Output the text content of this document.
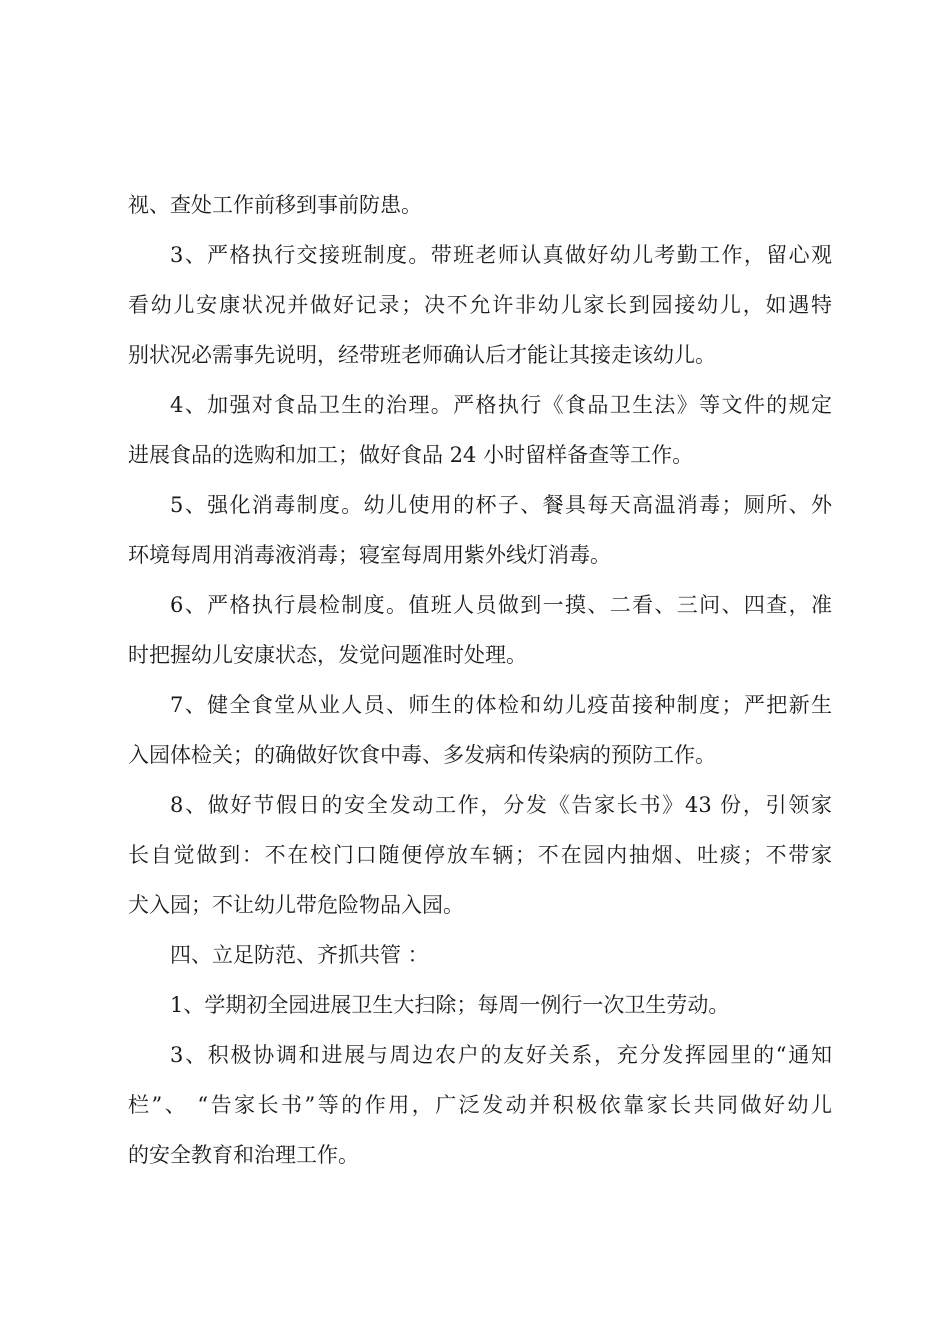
视、查处工作前移到事前防患。
3、严格执行交接班制度。带班老师认真做好幼儿考勤工作，留心观
看幼儿安康状况并做好记录；决不允许非幼儿家长到园接幼儿，如遇特
别状况必需事先说明，经带班老师确认后才能让其接走该幼儿。
4、加强对食品卫生的治理。严格执行《食品卫生法》等文件的规定
进展食品的选购和加工；做好食品 24 小时留样备查等工作。
5、强化消毒制度。幼儿使用的杯子、餐具每天高温消毒；厕所、外
环境每周用消毒液消毒；寝室每周用紫外线灯消毒。
6、严格执行晨检制度。值班人员做到一摸、二看、三问、四查，准
时把握幼儿安康状态，发觉问题准时处理。
7、健全食堂从业人员、师生的体检和幼儿疫苗接种制度；严把新生
入园体检关；的确做好饮食中毒、多发病和传染病的预防工作。
8、做好节假日的安全发动工作，分发《告家长书》43 份，引领家
长自觉做到：不在校门口随便停放车辆；不在园内抽烟、吐痰；不带家
犬入园；不让幼儿带危险物品入园。
四、立足防范、齐抓共管 ：
1、学期初全园进展卫生大扫除；每周一例行一次卫生劳动。
3、积极协调和进展与周边农户的友好关系，充分发挥园里的“通知
栏”、 “告家长书”等的作用，广泛发动并积极依靠家长共同做好幼儿
的安全教育和治理工作。
